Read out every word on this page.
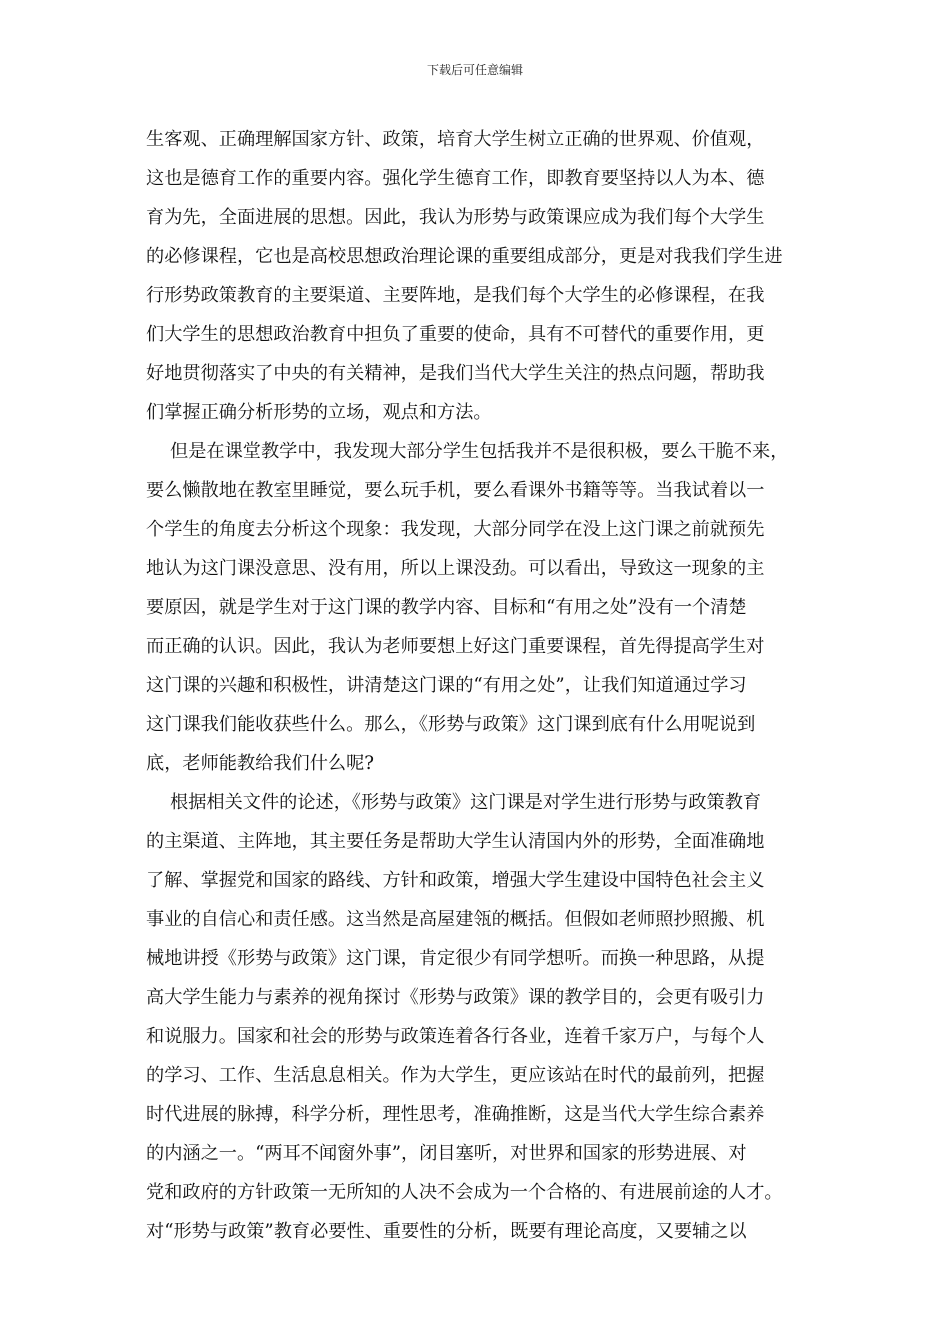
下载后可任意编辑
生客观、正确理解国家方针、政策，培育大学生树立正确的世界观、价值观，
这也是德育工作的重要内容。强化学生德育工作，即教育要坚持以人为本、德
育为先，全面进展的思想。因此，我认为形势与政策课应成为我们每个大学生
的必修课程，它也是高校思想政治理论课的重要组成部分，更是对我我们学生进
行形势政策教育的主要渠道、主要阵地，是我们每个大学生的必修课程，在我
们大学生的思想政治教育中担负了重要的使命，具有不可替代的重要作用，更
好地贯彻落实了中央的有关精神，是我们当代大学生关注的热点问题，帮助我
们掌握正确分析形势的立场，观点和方法。
但是在课堂教学中，我发现大部分学生包括我并不是很积极，要么干脆不来，
要么懒散地在教室里睡觉，要么玩手机，要么看课外书籍等等。当我试着以一
个学生的角度去分析这个现象：我发现，大部分同学在没上这门课之前就预先
地认为这门课没意思、没有用，所以上课没劲。可以看出，导致这一现象的主
要原因，就是学生对于这门课的教学内容、目标和“有用之处”没有一个清楚
而正确的认识。因此，我认为老师要想上好这门重要课程，首先得提高学生对
这门课的兴趣和积极性，讲清楚这门课的“有用之处”，让我们知道通过学习
这门课我们能收获些什么。那么，《形势与政策》这门课到底有什么用呢说到
底，老师能教给我们什么呢?
根据相关文件的论述，《形势与政策》这门课是对学生进行形势与政策教育
的主渠道、主阵地，其主要任务是帮助大学生认清国内外的形势，全面准确地
了解、掌握党和国家的路线、方针和政策，增强大学生建设中国特色社会主义
事业的自信心和责任感。这当然是高屋建瓴的概括。但假如老师照抄照搬、机
械地讲授《形势与政策》这门课，肯定很少有同学想听。而换一种思路，从提
高大学生能力与素养的视角探讨《形势与政策》课的教学目的，会更有吸引力
和说服力。国家和社会的形势与政策连着各行各业，连着千家万户，与每个人
的学习、工作、生活息息相关。作为大学生，更应该站在时代的最前列，把握
时代进展的脉搏，科学分析，理性思考，准确推断，这是当代大学生综合素养
的内涵之一。“两耳不闻窗外事”，闭目塞听，对世界和国家的形势进展、对
党和政府的方针政策一无所知的人决不会成为一个合格的、有进展前途的人才。
对“形势与政策”教育必要性、重要性的分析，既要有理论高度，又要辅之以
